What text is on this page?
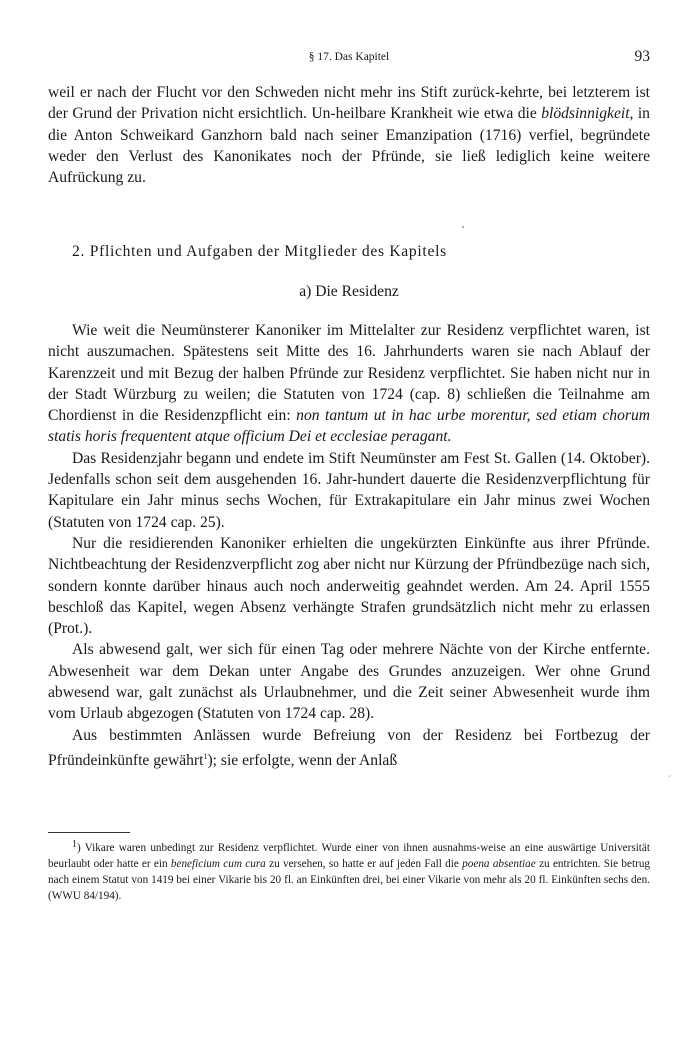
§ 17. Das Kapitel	93

weil er nach der Flucht vor den Schweden nicht mehr ins Stift zurück-kehrte, bei letzterem ist der Grund der Privation nicht ersichtlich. Un-heilbare Krankheit wie etwa die blödsinnigkeit, in die Anton Schweikard Ganzhorn bald nach seiner Emanzipation (1716) verfiel, begründete weder den Verlust des Kanonikates noch der Pfründe, sie ließ lediglich keine weitere Aufrückung zu.

2. Pflichten und Aufgaben der Mitglieder des Kapitels
a) Die Residenz

Wie weit die Neumünsterer Kanoniker im Mittelalter zur Residenz verpflichtet waren, ist nicht auszumachen. Spätestens seit Mitte des 16. Jahrhunderts waren sie nach Ablauf der Karenzzeit und mit Bezug der halben Pfründe zur Residenz verpflichtet. Sie haben nicht nur in der Stadt Würzburg zu weilen; die Statuten von 1724 (cap. 8) schließen die Teilnahme am Chordienst in die Residenzpflicht ein: non tantum ut in hac urbe morentur, sed etiam chorum statis horis frequentent atque officium Dei et ecclesiae peragant.

Das Residenzjahr begann und endete im Stift Neumünster am Fest St. Gallen (14. Oktober). Jedenfalls schon seit dem ausgehenden 16. Jahr-hundert dauerte die Residenzverpflichtung für Kapitulare ein Jahr minus sechs Wochen, für Extrakapitulare ein Jahr minus zwei Wochen (Statuten von 1724 cap. 25).

Nur die residierenden Kanoniker erhielten die ungekürzten Einkünfte aus ihrer Pfründe. Nichtbeachtung der Residenzverpflicht zog aber nicht nur Kürzung der Pfründbezüge nach sich, sondern konnte darüber hinaus auch noch anderweitig geahndet werden. Am 24. April 1555 beschloß das Kapitel, wegen Absenz verhängte Strafen grundsätzlich nicht mehr zu erlassen (Prot.).

Als abwesend galt, wer sich für einen Tag oder mehrere Nächte von der Kirche entfernte. Abwesenheit war dem Dekan unter Angabe des Grundes anzuzeigen. Wer ohne Grund abwesend war, galt zunächst als Urlaubnehmer, und die Zeit seiner Abwesenheit wurde ihm vom Urlaub abgezogen (Statuten von 1724 cap. 28).

Aus bestimmten Anlässen wurde Befreiung von der Residenz bei Fortbezug der Pfründeinkünfte gewährt$^1$); sie erfolgte, wenn der Anlaß

´
1) Vikare waren unbedingt zur Residenz verpflichtet. Wurde einer von ihnen ausnahms-weise an eine auswärtige Universität beurlaubt oder hatte er ein beneficium cum cura zu versehen, so hatte er auf jeden Fall die poena absentiae zu entrichten. Sie betrug nach einem Statut von 1419 bei einer Vikarie bis 20 fl. an Einkünften drei, bei einer Vikarie von mehr als 20 fl. Einkünften sechs den. (WWU 84/194).
